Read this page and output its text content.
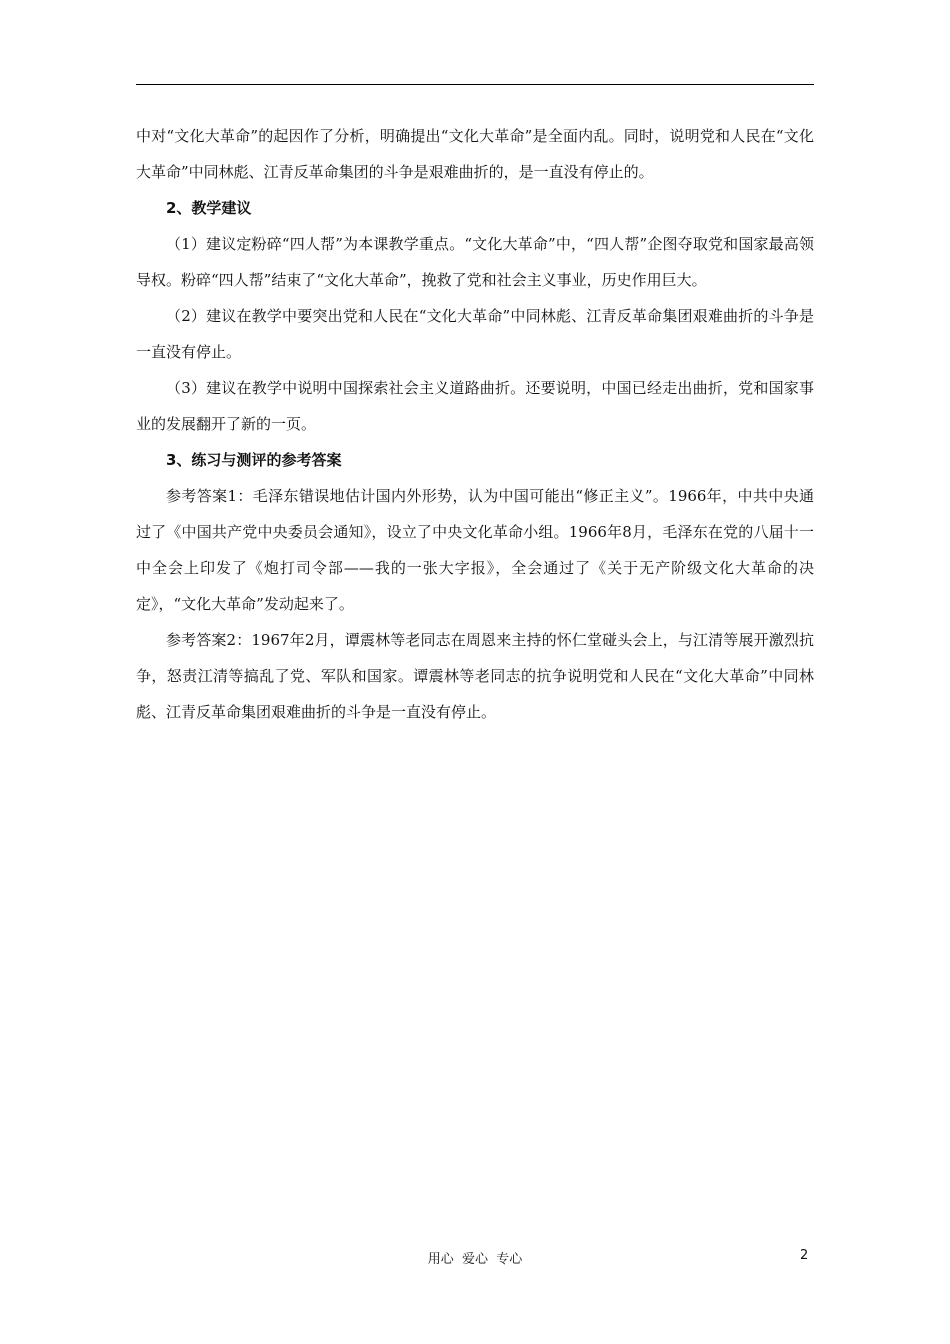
中对“文化大革命”的起因作了分析，明确提出“文化大革命”是全面内乱。同时，说明党和人民在“文化大革命”中同林彪、江青反革命集团的斗争是艰难曲折的，是一直没有停止的。

2、教学建议

（1）建议定粉碎“四人帮”为本课教学重点。“文化大革命”中，“四人帮”企图夺取党和国家最高领导权。粉碎“四人帮”结束了“文化大革命”，挽救了党和社会主义事业，历史作用巨大。

（2）建议在教学中要突出党和人民在“文化大革命”中同林彪、江青反革命集团艰难曲折的斗争是一直没有停止。

（3）建议在教学中说明中国探索社会主义道路曲折。还要说明，中国已经走出曲折，党和国家事业的发展翻开了新的一页。

3、练习与测评的参考答案

参考答案1：毛泽东错误地估计国内外形势，认为中国可能出“修正主义”。1966年，中共中央通过了《中国共产党中央委员会通知》，设立了中央文化革命小组。1966年8月，毛泽东在党的八届十一中全会上印发了《炮打司令部——我的一张大字报》，全会通过了《关于无产阶级文化大革命的决定》，“文化大革命”发动起来了。

参考答案2：1967年2月，谭震林等老同志在周恩来主持的怀仁堂碰头会上，与江清等展开激烈抗争，怒责江清等搞乱了党、军队和国家。谭震林等老同志的抗争说明党和人民在“文化大革命”中同林彪、江青反革命集团艰难曲折的斗争是一直没有停止。

用心  爱心  专心	2
